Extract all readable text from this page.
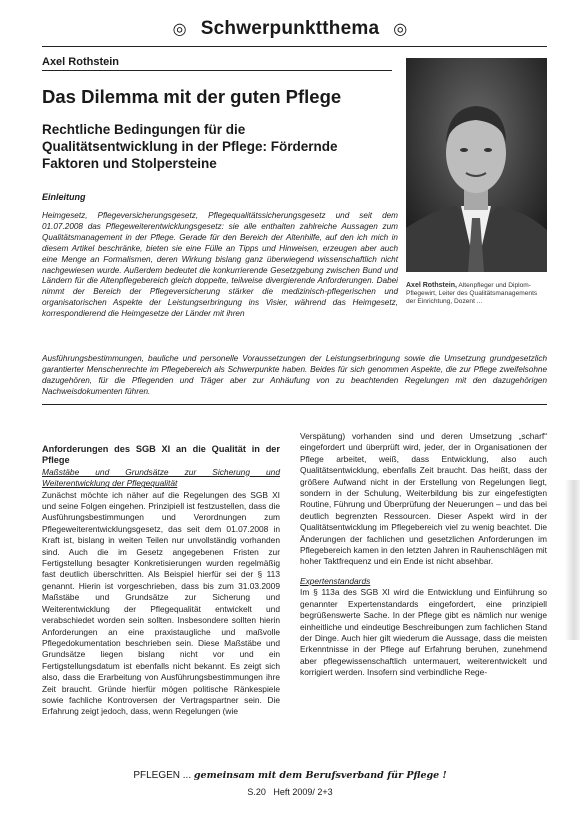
◎ Schwerpunktthema ◎
Axel Rothstein
Axel Rothstein, Altenpfleger und Diplom-Pflegewirt, Leiter des Qualitätsmanagements der Einrichtung, Dozent ...
Das Dilemma mit der guten Pflege
Rechtliche Bedingungen für die Qualitätsentwicklung in der Pflege: Fördernde Faktoren und Stolpersteine
Einleitung
Heimgesetz, Pflegeversicherungsgesetz, Pflegequalitätssicherungsgesetz und seit dem 01.07.2008 das Pflegeweiterentwicklungsgesetz: sie alle enthalten zahlreiche Aussagen zum Qualitätsmanagement in der Pflege. Gerade für den Bereich der Altenhilfe, auf den ich mich in diesem Artikel beschränke, bieten sie eine Fülle an Tipps und Hinweisen, erzeugen aber auch eine Menge an Formalismen, deren Wirkung bislang ganz überwiegend wissenschaftlich nicht nachgewiesen wurde. Außerdem bedeutet die konkurrierende Gesetzgebung zwischen Bund und Ländern für die Altenpflegebereich gleich doppelte, teilweise divergierende Anforderungen. Dabei nimmt der Bereich der Pflegeversicherung stärker die medizinisch-pflegerischen und organisatorischen Aspekte der Leistungserbringung ins Visier, während das Heimgesetz, korrespondierend die Heimgesetze der Länder mit ihren
Ausführungsbestimmungen, bauliche und personelle Voraussetzungen der Leistungserbringung sowie die Umsetzung grundgesetzlich garantierter Menschenrechte im Pflegebereich als Schwerpunkte haben. Beides für sich genommen Aspekte, die zur Pflege zweifelsohne dazugehören, für die Pflegenden und Träger aber zur Anhäufung von zu beachtenden Regelungen mit den dazugehörigen Nachweisdokumenten führen.
Anforderungen des SGB XI an die Qualität in der Pflege
Maßstäbe und Grundsätze zur Sicherung und Weiterentwicklung der Pflegequalität
Zunächst möchte ich näher auf die Regelungen des SGB XI und seine Folgen eingehen. Prinzipiell ist festzustellen, dass die Ausführungsbestimmungen und Verordnungen zum Pflegeweiterentwicklungsgesetz, das seit dem 01.07.2008 in Kraft ist, bislang in weiten Teilen nur unvollständig vorhanden sind. Auch die im Gesetz angegebenen Fristen zur Fertigstellung besagter Konkretisierungen wurden regelmäßig fast deutlich überschritten. Als Beispiel hierfür sei der § 113 genannt. Hierin ist vorgeschrieben, dass bis zum 31.03.2009 Maßstäbe und Grundsätze zur Sicherung und Weiterentwicklung der Pflegequalität entwickelt und verabschiedet worden sein sollten. Insbesondere sollten hierin Anforderungen an eine praxistaugliche und maßvolle Pflegedokumentation beschrieben sein. Diese Maßstäbe und Grundsätze liegen bislang nicht vor und ein Fertigstellungsdatum ist ebenfalls nicht bekannt. Es zeigt sich also, dass die Erarbeitung von Ausführungsbestimmungen ihre Zeit braucht. Gründe hierfür mögen politische Ränkespiele sowie fachliche Kontroversen der Vertragspartner sein. Die Erfahrung zeigt jedoch, dass, wenn Regelungen (wie
Verspätung) vorhanden sind und deren Umsetzung „scharf“ eingefordert und überprüft wird, jeder, der in Organisationen der Pflege arbeitet, weiß, dass Entwicklung, also auch Qualitätsentwicklung, ebenfalls Zeit braucht. Das heißt, dass der größere Aufwand nicht in der Erstellung von Regelungen liegt, sondern in der Schulung, Weiterbildung bis zur eingefestigten Routine, Führung und Überprüfung der Neuerungen – und das bei deutlich begrenzten Ressourcen. Dieser Aspekt wird in der Qualitätsentwicklung im Pflegebereich viel zu wenig beachtet. Die Änderungen der fachlichen und gesetzlichen Anforderungen im Pflegebereich kamen in den letzten Jahren in Rauhenschlägen mit hoher Taktfrequenz und ein Ende ist nicht absehbar.
Expertenstandards
Im § 113a des SGB XI wird die Entwicklung und Einführung so genannter Expertenstandards eingefordert, eine prinzipiell begrüßenswerte Sache. In der Pflege gibt es nämlich nur wenige einheitliche und eindeutige Beschreibungen zum fachlichen Stand der Dinge. Auch hier gilt wiederum die Aussage, dass die meisten Erkenntnisse in der Pflege auf Erfahrung beruhen, zunehmend aber pflegewissenschaftlich untermauert, weiterentwickelt und korrigiert werden. Insofern sind verbindliche Rege-
PFLEGEN ... gemeinsam mit dem Berufsverband für Pflege !
S.20 Heft 2009/ 2+3
